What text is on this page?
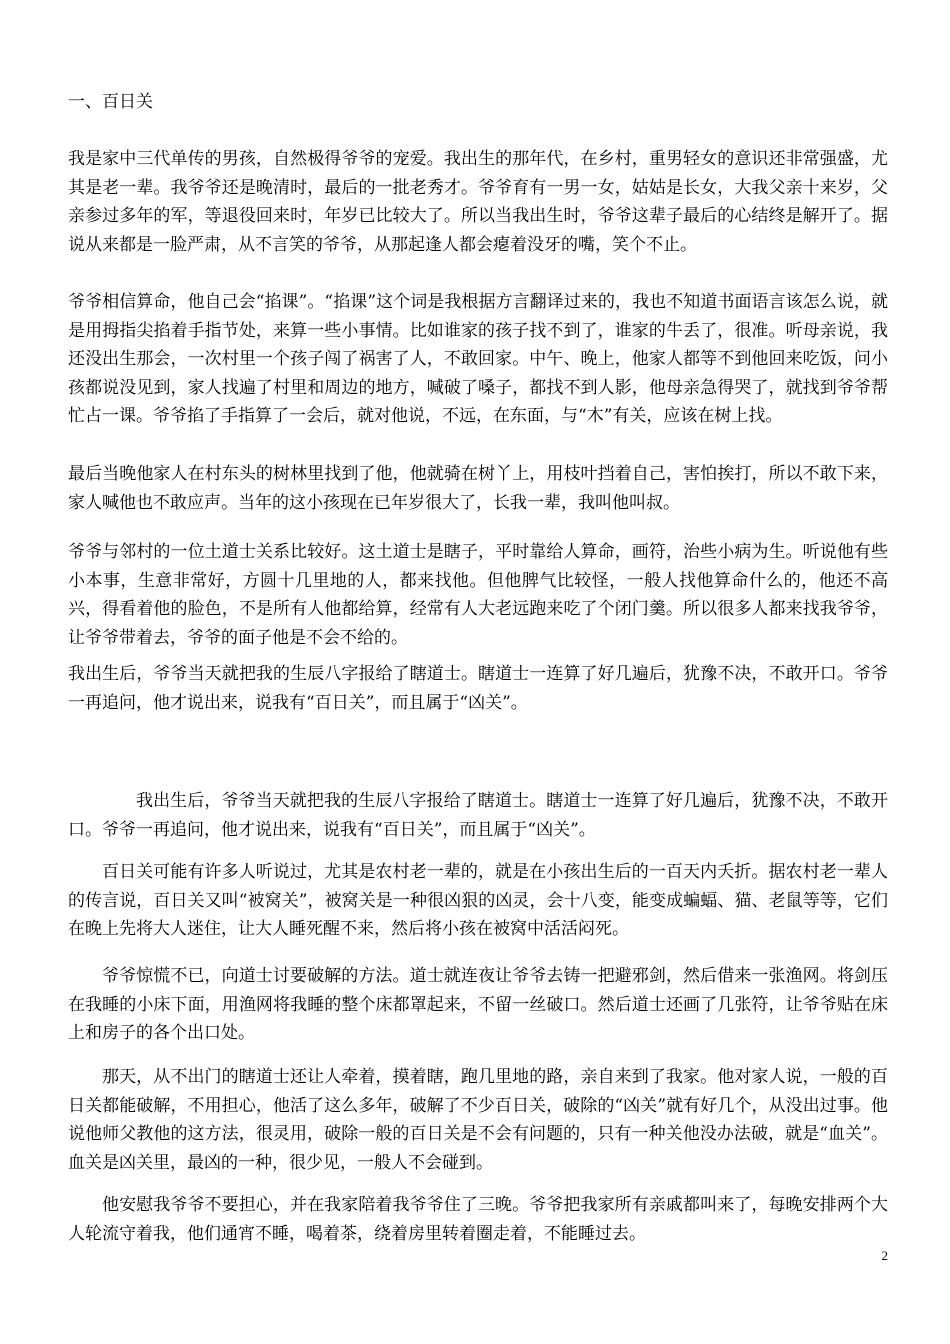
一、百日关

我是家中三代单传的男孩，自然极得爷爷的宠爱。我出生的那年代，在乡村，重男轻女的意识还非常强盛，尤其是老一辈。我爷爷还是晚清时，最后的一批老秀才。爷爷育有一男一女，姑姑是长女，大我父亲十来岁，父亲参过多年的军，等退役回来时，年岁已比较大了。所以当我出生时，爷爷这辈子最后的心结终是解开了。据说从来都是一脸严肃，从不言笑的爷爷，从那起逢人都会瘪着没牙的嘴，笑个不止。

爷爷相信算命，他自己会“掐课”。“掐课”这个词是我根据方言翻译过来的，我也不知道书面语言该怎么说，就是用拇指尖掐着手指节处，来算一些小事情。比如谁家的孩子找不到了，谁家的牛丢了，很准。听母亲说，我还没出生那会，一次村里一个孩子闯了祸害了人，不敢回家。中午、晚上，他家人都等不到他回来吃饭，问小孩都说没见到，家人找遍了村里和周边的地方，喊破了嗓子，都找不到人影，他母亲急得哭了，就找到爷爷帮忙占一课。爷爷掐了手指算了一会后，就对他说，不远，在东面，与“木”有关，应该在树上找。

最后当晚他家人在村东头的树林里找到了他，他就骑在树丫上，用枝叶挡着自己，害怕挨打，所以不敢下来，家人喊他也不敢应声。当年的这小孩现在已年岁很大了，长我一辈，我叫他叫叔。

爷爷与邻村的一位土道士关系比较好。这土道士是瞎子，平时靠给人算命，画符，治些小病为生。听说他有些小本事，生意非常好，方圆十几里地的人，都来找他。但他脾气比较怪，一般人找他算命什么的，他还不高兴，得看着他的脸色，不是所有人他都给算，经常有人大老远跑来吃了个闭门羹。所以很多人都来找我爷爷，让爷爷带着去，爷爷的面子他是不会不给的。

我出生后，爷爷当天就把我的生辰八字报给了瞎道士。瞎道士一连算了好几遍后，犹豫不决，不敢开口。爷爷一再追问，他才说出来，说我有“百日关”，而且属于“凶关”。

我出生后，爷爷当天就把我的生辰八字报给了瞎道士。瞎道士一连算了好几遍后，犹豫不决，不敢开口。爷爷一再追问，他才说出来，说我有“百日关”，而且属于“凶关”。

百日关可能有许多人听说过，尤其是农村老一辈的，就是在小孩出生后的一百天内夭折。据农村老一辈人的传言说，百日关又叫“被窝关”，被窝关是一种很凶狠的凶灵，会十八变，能变成蝙蝠、猫、老鼠等等，它们在晚上先将大人迷住，让大人睡死醒不来，然后将小孩在被窝中活活闷死。

爷爷惊慌不已，向道士讨要破解的方法。道士就连夜让爷爷去铸一把避邪剑，然后借来一张渔网。将剑压在我睡的小床下面，用渔网将我睡的整个床都罩起来，不留一丝破口。然后道士还画了几张符，让爷爷贴在床上和房子的各个出口处。

那天，从不出门的瞎道士还让人牵着，摸着瞎，跑几里地的路，亲自来到了我家。他对家人说，一般的百日关都能破解，不用担心，他活了这么多年，破解了不少百日关，破除的“凶关”就有好几个，从没出过事。他说他师父教他的这方法，很灵用，破除一般的百日关是不会有问题的，只有一种关他没办法破，就是“血关”。血关是凶关里，最凶的一种，很少见，一般人不会碰到。

他安慰我爷爷不要担心，并在我家陪着我爷爷住了三晚。爷爷把我家所有亲戚都叫来了，每晚安排两个大人轮流守着我，他们通宵不睡，喝着茶，绕着房里转着圈走着，不能睡过去。

2
